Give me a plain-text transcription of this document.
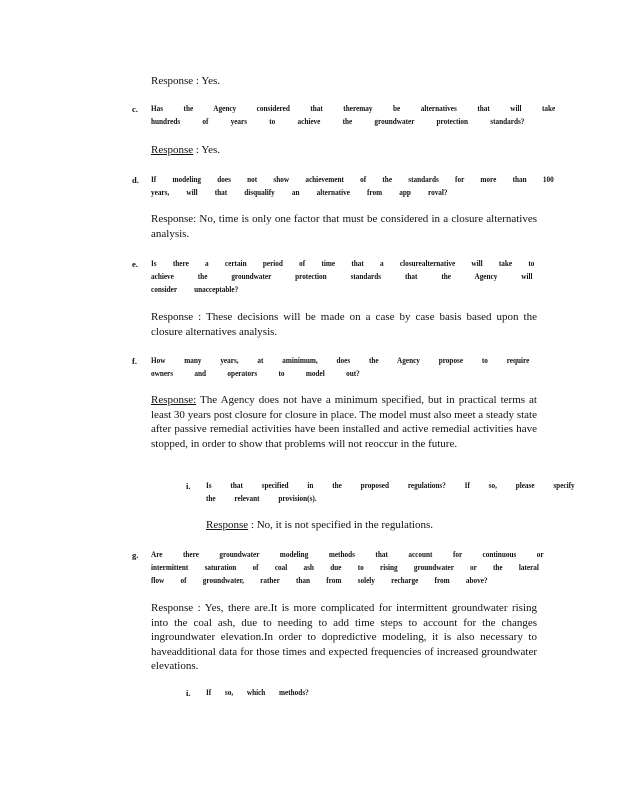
Response : Yes.
c. Has the Agency considered that theremay be alternatives that will take
hundreds of years to achieve the groundwater protection standards?
Response : Yes.
d. If modeling does not show achievement of the standards for more than 100
years, will that disqualify an alternative from app roval?
Response: No, time is only one factor that must be considered in a closure alternatives analysis.
e. Is there a certain period of time that a closurealternative will take to
achieve the groundwater protection standards that the Agency will
consider unacceptable?
Response : These decisions will be made on a case by case basis based upon the closure alternatives analysis.
f. How many years, at aminimum, does the Agency propose to require
owners and operators to model out?
Response: The Agency does not have a minimum specified, but in practical terms at least 30 years post closure for closure in place. The model must also meet a steady state after passive remedial activities have been installed and active remedial activities have stopped, in order to show that problems will not reoccur in the future.
i. Is that specified in the proposed regulations? If so, please specify
the relevant provision(s).
Response : No, it is not specified in the regulations.
g. Are there groundwater modeling methods that account for continuous or
intermittent saturation of coal ash due to rising groundwater or the lateral
flow of groundwater, rather than from solely recharge from above?
Response : Yes, there are.It is more complicated for intermittent groundwater rising into the coal ash, due to needing to add time steps to account for the changes ingroundwater elevation.In order to dopredictive modeling, it is also necessary to haveadditional data for those times and expected frequencies of increased groundwater elevations.
i. If so, which methods?
